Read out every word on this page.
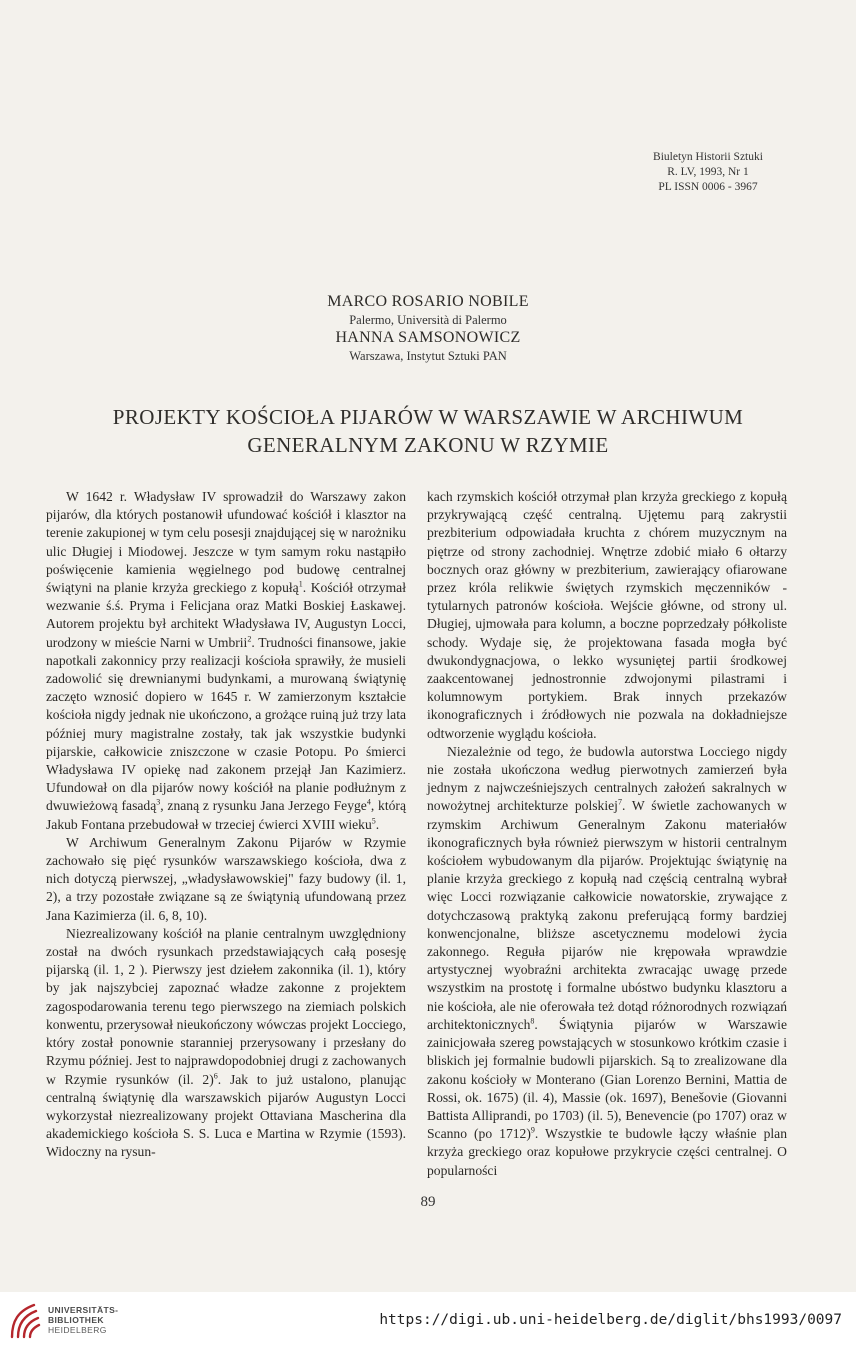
Biuletyn Historii Sztuki
R. LV, 1993, Nr 1
PL ISSN 0006 - 3967
MARCO ROSARIO NOBILE
Palermo, Università di Palermo
HANNA SAMSONOWICZ
Warszawa, Instytut Sztuki PAN
PROJEKTY KOŚCIOŁA PIJARÓW W WARSZAWIE W ARCHIWUM
GENERALNYM ZAKONU W RZYMIE

W 1642 r. Władysław IV sprowadził do Warszawy zakon pijarów, dla których postanowił ufundować kościół i klasztor na terenie zakupionej w tym celu posesji znajdującej się w narożniku ulic Długiej i Miodowej. Jeszcze w tym samym roku nastąpiło poświęcenie kamienia węgielnego pod budowę centralnej świątyni na planie krzyża greckiego z kopułą$^1$. Kościół otrzymał wezwanie ś.ś. Pryma i Felicjana oraz Matki Boskiej Łaskawej. Autorem projektu był architekt Władysława IV, Augustyn Locci, urodzony w mieście Narni w Umbrii$^2$. Trudności finansowe, jakie napotkali zakonnicy przy realizacji kościoła sprawiły, że musieli zadowolić się drewnianymi budynkami, a murowaną świątynię zaczęto wznosić dopiero w 1645 r. W zamierzonym kształcie kościoła nigdy jednak nie ukończono, a grożące ruiną już trzy lata później mury magistralne zostały, tak jak wszystkie budynki pijarskie, całkowicie zniszczone w czasie Potopu. Po śmierci Władysława IV opiekę nad zakonem przejął Jan Kazimierz. Ufundował on dla pijarów nowy kościół na planie podłużnym z dwuwieżową fasadą$^3$, znaną z rysunku Jana Jerzego Feyge$^4$, którą Jakub Fontana przebudował w trzeciej ćwierci XVIII wieku$^5$.

W Archiwum Generalnym Zakonu Pijarów w Rzymie zachowało się pięć rysunków warszawskiego kościoła, dwa z nich dotyczą pierwszej, „władysławowskiej" fazy budowy (il. 1, 2), a trzy pozostałe związane są ze świątynią ufundowaną przez Jana Kazimierza (il. 6, 8, 10).

Niezrealizowany kościół na planie centralnym uwzględniony został na dwóch rysunkach przedstawiających całą posesję pijarską (il. 1, 2 ). Pierwszy jest dziełem zakonnika (il. 1), który by jak najszybciej zapoznać władze zakonne z projektem zagospodarowania terenu tego pierwszego na ziemiach polskich konwentu, przerysował nieukończony wówczas projekt Locciego, który został ponownie staranniej przerysowany i przesłany do Rzymu później. Jest to najprawdopodobniej drugi z zachowanych w Rzymie rysunków (il. 2)$^6$. Jak to już ustalono, planując centralną świątynię dla warszawskich pijarów Augustyn Locci wykorzystał niezrealizowany projekt Ottaviana Mascherina dla akademickiego kościoła S. S. Luca e Martina w Rzymie (1593). Widoczny na rysun-

kach rzymskich kościół otrzymał plan krzyża greckiego z kopułą przykrywającą część centralną. Ujętemu parą zakrystii prezbiterium odpowiadała kruchta z chórem muzycznym na piętrze od strony zachodniej. Wnętrze zdobić miało 6 ołtarzy bocznych oraz główny w prezbiterium, zawierający ofiarowane przez króla relikwie świętych rzymskich męczenników - tytularnych patronów kościoła. Wejście główne, od strony ul. Długiej, ujmowała para kolumn, a boczne poprzedzały półkoliste schody. Wydaje się, że projektowana fasada mogła być dwukondygnacjowa, o lekko wysuniętej partii środkowej zaakcentowanej jednostronnie zdwojonymi pilastrami i kolumnowym portykiem. Brak innych przekazów ikonograficznych i źródłowych nie pozwala na dokładniejsze odtworzenie wyglądu kościoła.

Niezależnie od tego, że budowla autorstwa Locciego nigdy nie została ukończona według pierwotnych zamierzeń była jednym z najwcześniejszych centralnych założeń sakralnych w nowożytnej architekturze polskiej$^7$. W świetle zachowanych w rzymskim Archiwum Generalnym Zakonu materiałów ikonograficznych była również pierwszym w historii centralnym kościołem wybudowanym dla pijarów. Projektując świątynię na planie krzyża greckiego z kopułą nad częścią centralną wybrał więc Locci rozwiązanie całkowicie nowatorskie, zrywające z dotychczasową praktyką zakonu preferującą formy bardziej konwencjonalne, bliższe ascetycznemu modelowi życia zakonnego. Reguła pijarów nie krępowała wprawdzie artystycznej wyobraźni architekta zwracając uwagę przede wszystkim na prostotę i formalne ubóstwo budynku klasztoru a nie kościoła, ale nie oferowała też dotąd różnorodnych rozwiązań architektonicznych$^8$. Świątynia pijarów w Warszawie zainicjowała szereg powstających w stosunkowo krótkim czasie i bliskich jej formalnie budowli pijarskich. Są to zrealizowane dla zakonu kościoły w Monterano (Gian Lorenzo Bernini, Mattia de Rossi, ok. 1675) (il. 4), Massie (ok. 1697), Benešovie (Giovanni Battista Alliprandi, po 1703) (il. 5), Benevencie (po 1707) oraz w Scanno (po 1712)$^9$. Wszystkie te budowle łączy właśnie plan krzyża greckiego oraz kopułowe przykrycie części centralnej. O popularności

89
UNIVERSITÄTS-
BIBLIOTHEK
HEIDELBERG
https://digi.ub.uni-heidelberg.de/diglit/bhs1993/0097
